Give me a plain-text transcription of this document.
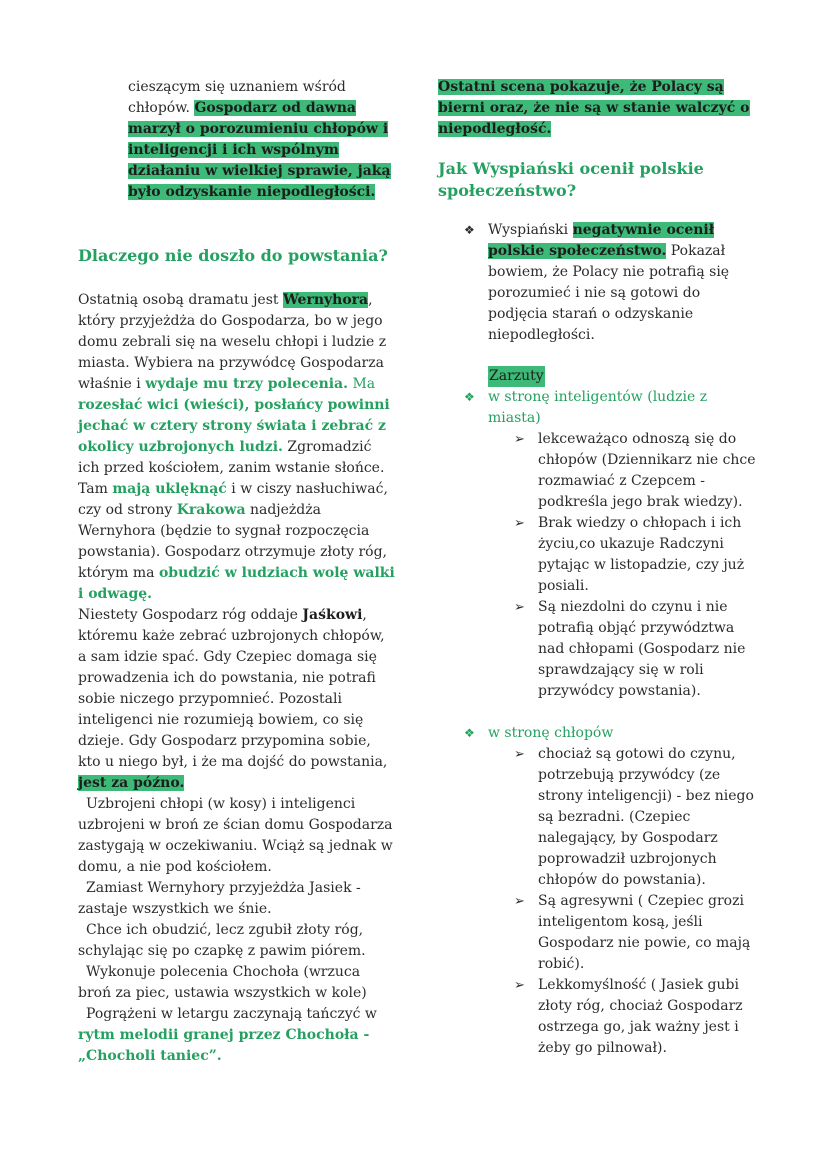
cieszącym się uznaniem wśród chłopów. Gospodarz od dawna marzył o porozumieniu chłopów i inteligencji i ich wspólnym działaniu w wielkiej sprawie, jaką było odzyskanie niepodległości.

Dlaczego nie doszło do powstania?

Ostatnią osobą dramatu jest Wernyhora, który przyjeżdża do Gospodarza, bo w jego domu zebrali się na weselu chłopi i ludzie z miasta. Wybiera na przywódcę Gospodarza właśnie i wydaje mu trzy polecenia. Ma rozesłać wici (wieści), posłańcy powinni jechać w cztery strony świata i zebrać z okolicy uzbrojonych ludzi. Zgromadzić ich przed kościołem, zanim wstanie słońce. Tam mają uklęknąć i w ciszy nasłuchiwać, czy od strony Krakowa nadjeżdża Wernyhora (będzie to sygnał rozpoczęcia powstania). Gospodarz otrzymuje złoty róg, którym ma obudzić w ludziach wolę walki i odwagę.

Niestety Gospodarz róg oddaje Jaśkowi, któremu każe zebrać uzbrojonych chłopów, a sam idzie spać. Gdy Czepiec domaga się prowadzenia ich do powstania, nie potrafi sobie niczego przypomnieć. Pozostali inteligenci nie rozumieją bowiem, co się dzieje. Gdy Gospodarz przypomina sobie, kto u niego był, i że ma dojść do powstania, jest za późno.

Uzbrojeni chłopi (w kosy) i inteligenci uzbrojeni w broń ze ścian domu Gospodarza zastygają w oczekiwaniu. Wciąż są jednak w domu, a nie pod kościołem.

Zamiast Wernyhory przyjeżdża Jasiek - zastaje wszystkich we śnie.

Chce ich obudzić, lecz zgubił złoty róg, schylając się po czapkę z pawim piórem.

Wykonuje polecenia Chochoła (wrzuca broń za piec, ustawia wszystkich w kole)

Pogrążeni w letargu zaczynają tańczyć w rytm melodii granej przez Chochoła - „Chocholi taniec”.

Ostatni scena pokazuje, że Polacy są bierni oraz, że nie są w stanie walczyć o niepodległość.

Jak Wyspiański ocenił polskie społeczeństwo?
❖ Wyspiański negatywnie ocenił polskie społeczeństwo. Pokazał bowiem, że Polacy nie potrafią się porozumieć i nie są gotowi do podjęcia starań o odzyskanie niepodległości.

Zarzuty

❖ w stronę inteligentów (ludzie z miasta)
➢ lekceważąco odnoszą się do chłopów (Dziennikarz nie chce rozmawiać z Czepcem - podkreśla jego brak wiedzy).
➢ Brak wiedzy o chłopach i ich życiu,co ukazuje Radczyni pytając w listopadzie, czy już posiali.
➢ Są niezdolni do czynu i nie potrafią objąć przywództwa nad chłopami (Gospodarz nie sprawdzający się w roli przywódcy powstania).
❖ w stronę chłopów
➢ chociaż są gotowi do czynu, potrzebują przywódcy (ze strony inteligencji) - bez niego są bezradni. (Czepiec nalegający, by Gospodarz poprowadził uzbrojonych chłopów do powstania).
➢ Są agresywni ( Czepiec grozi inteligentom kosą, jeśli Gospodarz nie powie, co mają robić).
➢ Lekkomyślność ( Jasiek gubi złoty róg, chociaż Gospodarz ostrzega go, jak ważny jest i żeby go pilnował).
